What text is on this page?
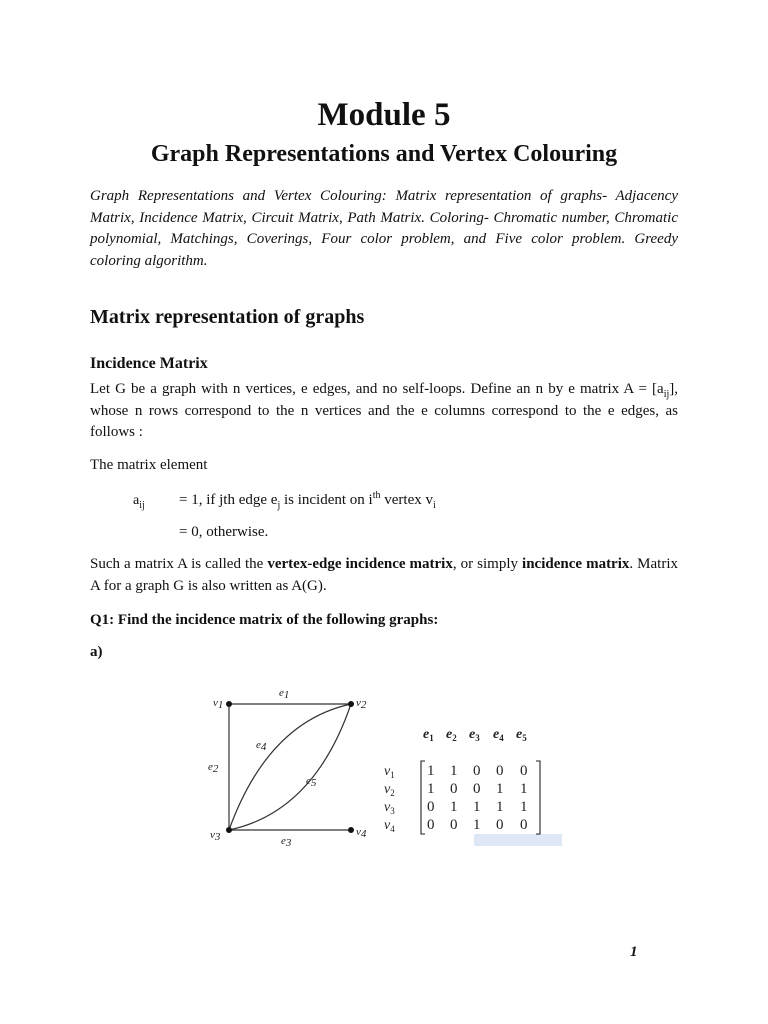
Module 5
Graph Representations and Vertex Colouring
Graph Representations and Vertex Colouring: Matrix representation of graphs- Adjacency Matrix, Incidence Matrix, Circuit Matrix, Path Matrix. Coloring- Chromatic number, Chromatic polynomial, Matchings, Coverings, Four color problem, and Five color problem. Greedy coloring algorithm.
Matrix representation of graphs
Incidence Matrix
Let G be a graph with n vertices, e edges, and no self-loops. Define an n by e matrix $A = [a_{ij}]$, whose n rows correspond to the n vertices and the e columns correspond to the e edges, as follows :
The matrix element
$a_{ij} = 1$, if jth edge $e_j$ is incident on $i^{th}$ vertex $v_i$
= 0, otherwise.
Such a matrix A is called the vertex-edge incidence matrix, or simply incidence matrix. Matrix A for a graph G is also written as A(G).
Q1: Find the incidence matrix of the following graphs:
a)
v1	v2
v3	v4
e1
e2
e3
e4
e5
$e_1$ $e_2$ $e_3$ $e_4$ $e_5$
$v_1$ 1 1 0 0 0
$v_2$ 1 0 0 1 1
$v_3$ 0 1 1 1 1
$v_4$ 0 0 1 0 0
1
